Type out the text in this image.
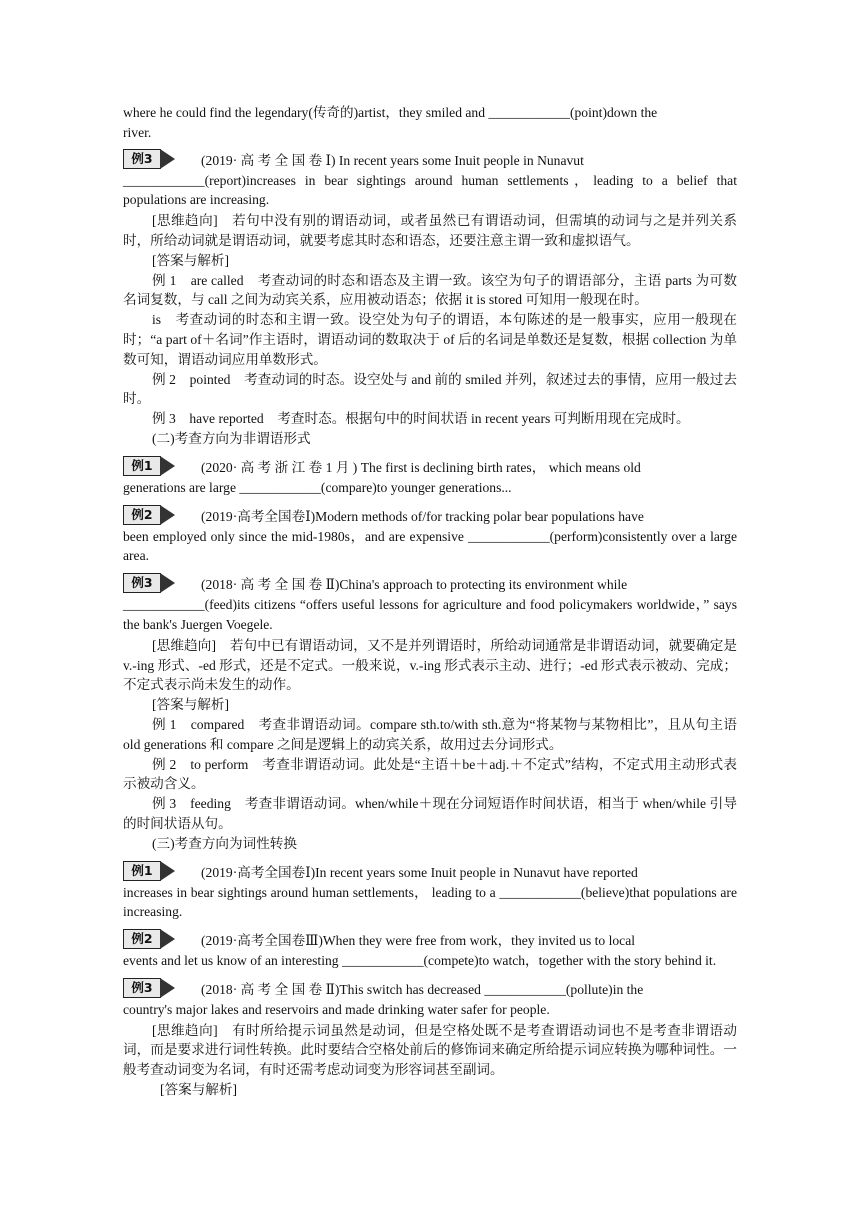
where he could find the legendary(传奇的)artist，they smiled and ____________(point)down the

river.

例3	(2019· 高 考 全 国 卷 Ⅰ) In recent years some Inuit people in Nunavut

____________(report)increases in bear sightings around human settlements，leading to a belief that populations are increasing.

[思维趋向]　 若句中没有别的谓语动词，或者虽然已有谓语动词，但需填的动词与之是并列关系时，所给动词就是谓语动词，就要考虑其时态和语态，还要注意主谓一致和虚拟语气。

[答案与解析]

例 1　are called　考查动词的时态和语态及主谓一致。该空为句子的谓语部分，主语 parts 为可数名词复数，与 call 之间为动宾关系，应用被动语态；依据 it is stored 可知用一般现在时。

is　考查动词的时态和主谓一致。设空处为句子的谓语，本句陈述的是一般事实，应用一般现在时；“a part of＋名词”作主语时，谓语动词的数取决于 of 后的名词是单数还是复数，根据 collection 为单数可知，谓语动词应用单数形式。

例 2　pointed　考查动词的时态。设空处与 and 前的 smiled 并列，叙述过去的事情，应用一般过去时。

例 3　have reported　考查时态。根据句中的时间状语 in recent years 可判断用现在完成时。

(二)考查方向为非谓语形式

例1	(2020· 高 考 浙 江 卷 1 月 ) The first is declining birth rates， which means old

generations are large ____________(compare)to younger generations...

例2	(2019·高考全国卷Ⅰ)Modern methods of/for tracking polar bear populations have

been employed only since the mid-1980s，and are expensive ____________(perform)consistently over a large area.

例3	(2018· 高 考 全 国 卷 Ⅱ)China's approach to protecting its environment while

____________(feed)its citizens “offers useful lessons for agriculture and food policymakers worldwide，” says the bank's Juergen Voegele.

[思维趋向]　 若句中已有谓语动词，又不是并列谓语时，所给动词通常是非谓语动词，就要确定是 v.-ing 形式、-ed 形式，还是不定式。一般来说，v.-ing 形式表示主动、进行；-ed 形式表示被动、完成；不定式表示尚未发生的动作。

[答案与解析]

例 1　compared　考查非谓语动词。compare sth.to/with sth.意为“将某物与某物相比”，且从句主语 old generations 和 compare 之间是逻辑上的动宾关系，故用过去分词形式。

例 2　to perform　考查非谓语动词。此处是“主语＋be＋adj.＋不定式”结构，不定式用主动形式表示被动含义。

例 3　feeding　考查非谓语动词。when/while＋现在分词短语作时间状语，相当于 when/while 引导的时间状语从句。

(三)考查方向为词性转换

例1	(2019·高考全国卷Ⅰ)In recent years some Inuit people in Nunavut have reported

increases in bear sightings around human settlements， leading to a ____________(believe)that populations are increasing.

例2	(2019·高考全国卷Ⅲ)When they were free from work，they invited us to local

events and let us know of an interesting ____________(compete)to watch，together with the story behind it.

例3	(2018· 高 考 全 国 卷 Ⅱ)This switch has decreased ____________(pollute)in the

country's major lakes and reservoirs and made drinking water safer for people.

[思维趋向]　 有时所给提示词虽然是动词，但是空格处既不是考查谓语动词也不是考查非谓语动词，而是要求进行词性转换。此时要结合空格处前后的修饰词来确定所给提示词应转换为哪种词性。一般考查动词变为名词，有时还需考虑动词变为形容词甚至副词。

[答案与解析]
